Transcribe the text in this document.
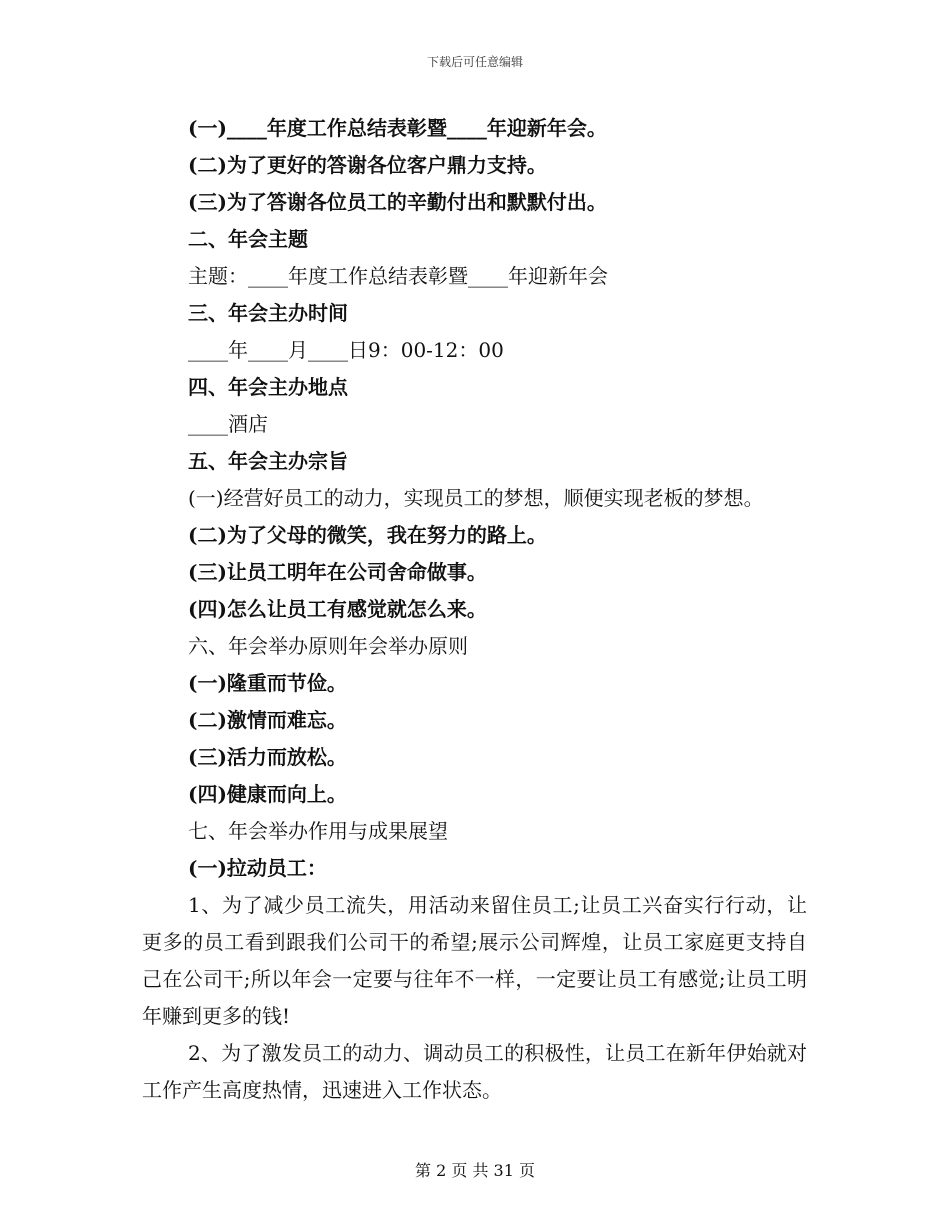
下载后可任意编辑
(一)____年度工作总结表彰暨____年迎新年会。
(二)为了更好的答谢各位客户鼎力支持。
(三)为了答谢各位员工的辛勤付出和默默付出。
二、年会主题
主题：____年度工作总结表彰暨____年迎新年会
三、年会主办时间
____年____月____日9：00-12：00
四、年会主办地点
____酒店
五、年会主办宗旨
(一)经营好员工的动力，实现员工的梦想，顺便实现老板的梦想。
(二)为了父母的微笑，我在努力的路上。
(三)让员工明年在公司舍命做事。
(四)怎么让员工有感觉就怎么来。
六、年会举办原则年会举办原则
(一)隆重而节俭。
(二)激情而难忘。
(三)活力而放松。
(四)健康而向上。
七、年会举办作用与成果展望
(一)拉动员工：
1、为了减少员工流失，用活动来留住员工;让员工兴奋实行行动，让更多的员工看到跟我们公司干的希望;展示公司辉煌，让员工家庭更支持自己在公司干;所以年会一定要与往年不一样，一定要让员工有感觉;让员工明年赚到更多的钱!
2、为了激发员工的动力、调动员工的积极性，让员工在新年伊始就对工作产生高度热情，迅速进入工作状态。
第 2 页 共 31 页
